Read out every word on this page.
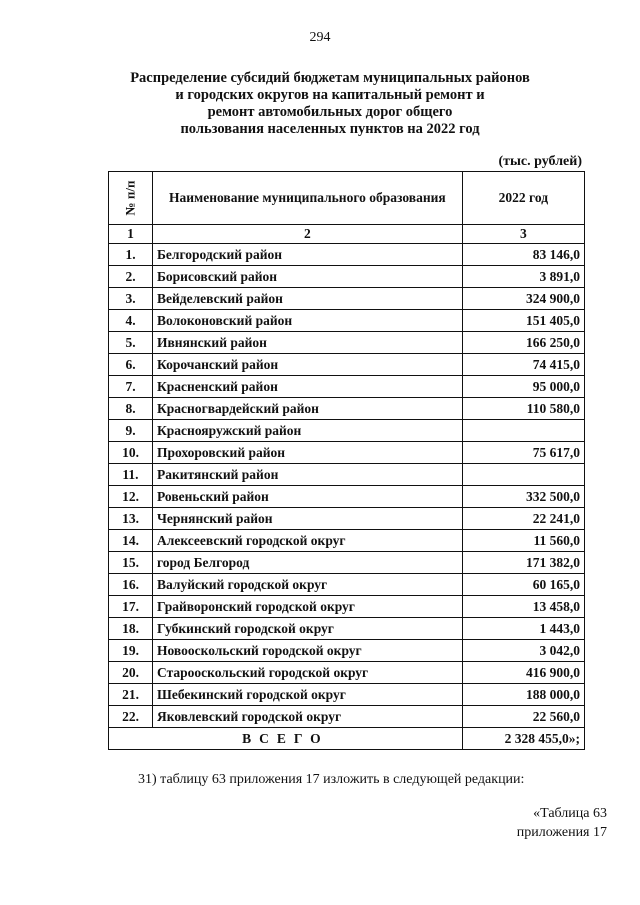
294
Распределение субсидий бюджетам муниципальных районов
и городских округов на капитальный ремонт и
ремонт автомобильных дорог общего
пользования населенных пунктов на 2022 год
(тыс. рублей)
№ п/п	Наименование муниципального образования	2022 год
1	2	3
1.	Белгородский район	83 146,0
2.	Борисовский район	3 891,0
3.	Вейделевский район	324 900,0
4.	Волоконовский район	151 405,0
5.	Ивнянский район	166 250,0
6.	Корочанский район	74 415,0
7.	Красненский район	95 000,0
8.	Красногвардейский район	110 580,0
9.	Краснояружский район	
10.	Прохоровский район	75 617,0
11.	Ракитянский район	
12.	Ровеньский район	332 500,0
13.	Чернянский район	22 241,0
14.	Алексеевский городской округ	11 560,0
15.	город Белгород	171 382,0
16.	Валуйский городской округ	60 165,0
17.	Грайворонский городской округ	13 458,0
18.	Губкинский городской округ	1 443,0
19.	Новооскольский городской округ	3 042,0
20.	Старооскольский городской округ	416 900,0
21.	Шебекинский городской округ	188 000,0
22.	Яковлевский городской округ	22 560,0
ВСЕГО		2 328 455,0»;
31) таблицу 63 приложения 17 изложить в следующей редакции:
«Таблица 63
приложения 17
